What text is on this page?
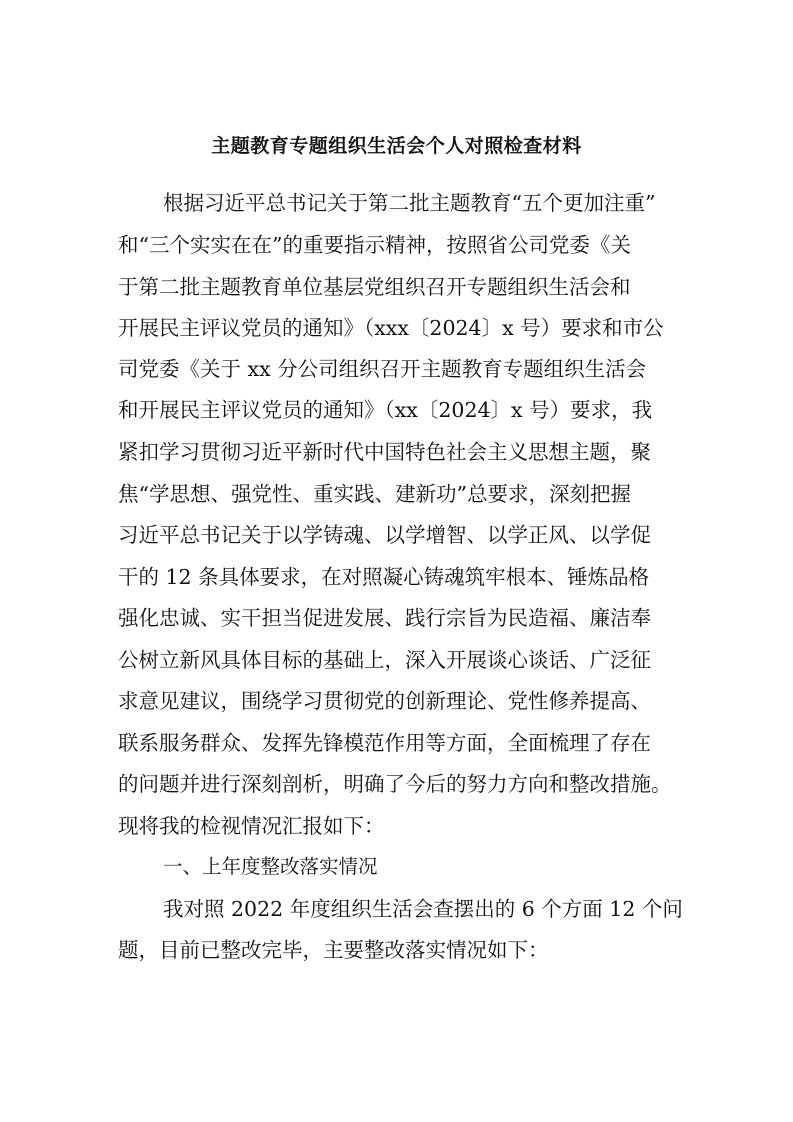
主题教育专题组织生活会个人对照检查材料
根据习近平总书记关于第二批主题教育“五个更加注重”
和“三个实实在在”的重要指示精神，按照省公司党委《关
于第二批主题教育单位基层党组织召开专题组织生活会和
开展民主评议党员的通知》（xxx〔2024〕x 号）要求和市公
司党委《关于 xx 分公司组织召开主题教育专题组织生活会
和开展民主评议党员的通知》（xx〔2024〕x 号）要求，我
紧扣学习贯彻习近平新时代中国特色社会主义思想主题，聚
焦“学思想、强党性、重实践、建新功”总要求，深刻把握
习近平总书记关于以学铸魂、以学增智、以学正风、以学促
干的 12 条具体要求，在对照凝心铸魂筑牢根本、锤炼品格
强化忠诚、实干担当促进发展、践行宗旨为民造福、廉洁奉
公树立新风具体目标的基础上，深入开展谈心谈话、广泛征
求意见建议，围绕学习贯彻党的创新理论、党性修养提高、
联系服务群众、发挥先锋模范作用等方面，全面梳理了存在
的问题并进行深刻剖析，明确了今后的努力方向和整改措施。
现将我的检视情况汇报如下：
一、上年度整改落实情况
我对照 2022 年度组织生活会查摆出的 6 个方面 12 个问
题，目前已整改完毕，主要整改落实情况如下：
